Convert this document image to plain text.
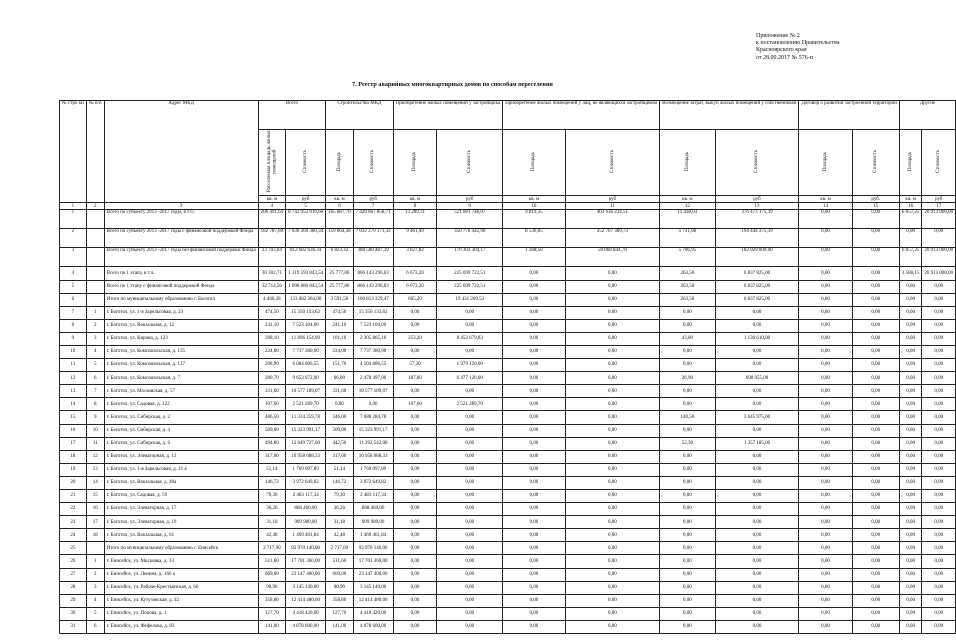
Приложение № 2
к постановлению Правительства
Красноярского края
от 28.09.2017 № 576-п
7. Реестр аварийных многоквартирных домов по способам переселения
№ стро ки	№ п/п	Адрес МКД	Всего		Строительство МКД		Приобретение жилых помещений у застройщика		Приобретение жилых помещений у лиц, не являющихся застройщиком		Возмещение затрат, выкуп жилых помещений у собственников		Договор о развитии застроенной территории		Другие	

			Расселяемая площадь жилых помещений	Стоимость	Площадь	Стоимость	Площадь	Стоимость	Площадь	Стоимость	Площадь	Стоимость	Площадь	Стоимость	Площадь	Стоимость
			кв. м	руб	кв. м	руб	кв. м	руб	кв. м	руб	кв. м	руб	кв. м	руб.	кв. м	руб
1	2	3	4	5	6	7	8	9	10	11	12	13	14	15	16	17
1		Всего по субъекту 2013 -2017 годы, в т.ч.:	206 491,64	8 742 953 016,68	165 887,70	7 420 867 858,71	13 289,31	521 081 748,07	9 819,35	403 636 234,51	11 438,03	376 473 175,39	0,00	0,00	6 057,25	20 913 000,00
2		Всего по субъекту 2013 -2017 годы с финансовой поддержкой Фонда	182 787,80	7 930 269 380,34	159 064,38	7 032 279 171,32	9 461,49	350 778 442,90	8 530,85	352 767 389,73	5 731,08	194 444 375,39	0,00	0,00	0,00	0,00
3		Всего по субъекту 2013 -2017 годы без финансовой поддержки Фонда	23 703,84	812 682 636,34	6 823,32	388 588 487,39	3 827,82	170 303 304,17	1 288,50	50 868 844,78	5 706,95	182 029 000,00	0,00	0,00	6 057,25	20 913 000,00
4		Всего по 1 этапу, в т.ч.	30 302,71	1 119 593 843,54	25 777,86	866 143 296,03	6 673,20	225 699 722,51	0,00	0,00	263,50	6 837 825,00	0,00	0,00	3 588,15	20 913 000,00
5		Всего по 1 этапу с финансовой поддержкой Фонда	32 714,56	1 098 680 843,54	25 777,86	866 143 296,03	6 673,20	225 699 722,51	0,00	0,00	263,50	6 837 825,00	0,00	0,00	0,00	0,00
6		Итого по муниципальному образованию г. Боготол	4 460,28	133 082 364,00	3 591,58	106 813 329,47	605,20	19 431 209,53	0,00	0,00	263,50	6 837 825,00	0,00	0,00	0,00	0,00
7	1	г. Боготол, ул. 1-я Зарельсовая, д. 23	474,50	15 350 133,62	474,50	15 350 133,62	0,00	0,00	0,00	0,00	0,00	0,00	0,00	0,00	0,00	0,00
8	2	г. Боготол, ул. Вокзальная, д. 12	241,10	7 523 104,00	241,10	7 523 104,00	0,00	0,00	0,00	0,00	0,00	0,00	0,00	0,00	0,00	0,00
9	3	г. Боготол, ул. Кирова, д. 123	398,10	11 896 154,99	101,10	2 305 865,16	253,20	8 453 679,83	0,00	0,00	43,80	1 136 610,00	0,00	0,00	0,00	0,00
10	4	г. Боготол, ул. Комсомольская, д. 135	224,00	7 737 380,90	224,00	7 737 380,90	0,00	0,00	0,00	0,00	0,00	0,00	0,00	0,00	0,00	0,00
11	5	г. Боготол, ул. Комсомольская, д. 137	208,90	6 084 006,55	151,70	4 104 886,55	57,20	1 979 120,00	0,00	0,00	0,00	0,00	0,00	0,00	0,00	0,00
12	6	г. Боготол, ул. Комсомольская, д. 7	280,70	9 653 672,00	66,00	2 478 497,00	187,80	6 477 120,00	0,00	0,00	26,90	698 055,00	0,00	0,00	0,00	0,00
13	7	г. Боготол, ул. Московская, д. 57	331,60	10 577 189,07	331,60	10 577 189,07	0,00	0,00	0,00	0,00	0,00	0,00	0,00	0,00	0,00	0,00
14	8	г. Боготол, ул. Садовая, д. 122	107,60	2 521 289,70	0,00	0,00	107,60	2 521 289,70	0,00	0,00	0,00	0,00	0,00	0,00	0,00	0,00
15	9	г. Боготол, ул. Сибирская, д. 2	486,50	11 334 259,78	346,00	7 688 284,78	0,00	0,00	0,00	0,00	140,50	3 645 975,00	0,00	0,00	0,00	0,00
16	10	г. Боготол, ул. Сибирская, д. 4	509,00	15 323 991,17	509,00	15 323 991,17	0,00	0,00	0,00	0,00	0,00	0,00	0,00	0,00	0,00	0,00
17	11	г. Боготол, ул. Сибирская, д. 6	494,80	12 649 727,00	442,50	11 292 542,00	0,00	0,00	0,00	0,00	52,30	1 357 185,00	0,00	0,00	0,00	0,00
18	12	г. Боготол, ул. Элеваторная, д. 13	317,00	10 958 688,33	317,00	10 958 688,33	0,00	0,00	0,00	0,00	0,00	0,00	0,00	0,00	0,00	0,00
19	13	г. Боготол, ул. 1-я Зарельсовая, д. 21 а	51,14	1 769 097,89	51,14	1 769 097,89	0,00	0,00	0,00	0,00	0,00	0,00	0,00	0,00	0,00	0,00
20	14	г. Боготол, ул. Вокзальная, д. 40а	146,72	3 972 649,82	146,72	3 972 649,82	0,00	0,00	0,00	0,00	0,00	0,00	0,00	0,00	0,00	0,00
21	15	г. Боготол, ул. Садовая, д. 59	79,30	2 483 117,34	79,30	2 483 117,34	0,00	0,00	0,00	0,00	0,00	0,00	0,00	0,00	0,00	0,00
22	16	г. Боготол, ул. Элеваторная, д. 17	36,26	868 460,00	36,26	868 460,00	0,00	0,00	0,00	0,00	0,00	0,00	0,00	0,00	0,00	0,00
23	17	г. Боготол, ул. Элеваторная, д. 19	31,18	909 980,00	31,18	909 980,00	0,00	0,00	0,00	0,00	0,00	0,00	0,00	0,00	0,00	0,00
24	18	г. Боготол, ул. Вокзальная, д. 61	42,48	1 469 461,84	42,48	1 469 461,84	0,00	0,00	0,00	0,00	0,00	0,00	0,00	0,00	0,00	0,00
25		Итого по муниципальному образованию г. Енисейск	2 717,00	93 970 140,00	2 717,00	93 970 140,00	0,00	0,00	0,00	0,00	0,00	0,00	0,00	0,00	0,00	0,00
26	1	г. Енисейск, ул. Московка, д. 33	511,60	17 701 360,00	511,60	17 701 360,00	0,00	0,00	0,00	0,00	0,00	0,00	0,00	0,00	0,00	0,00
27	2	г. Енисейск, ул. Ленина, д. 160 а	669,00	23 147 400,00	669,00	23 147 400,00	0,00	0,00	0,00	0,00	0,00	0,00	0,00	0,00	0,00	0,00
28	3	г. Енисейск, ул. Рабоче-Крестьянская, д. 66	90,90	3 145 140,00	90,90	3 145 140,00	0,00	0,00	0,00	0,00	0,00	0,00	0,00	0,00	0,00	0,00
29	4	г. Енисейск, ул. Кутузовская, д. 42	358,80	12 414 480,00	358,80	12 414 480,00	0,00	0,00	0,00	0,00	0,00	0,00	0,00	0,00	0,00	0,00
30	5	г. Енисейск, ул. Попова, д. 1	127,70	4 418 420,00	127,70	4 418 420,00	0,00	0,00	0,00	0,00	0,00	0,00	0,00	0,00	0,00	0,00
31	6	г. Енисейск, ул. Фефелова, д. 83	141,00	4 878 600,00	141,00	4 878 600,00	0,00	0,00	0,00	0,00	0,00	0,00	0,00	0,00	0,00	0,00
